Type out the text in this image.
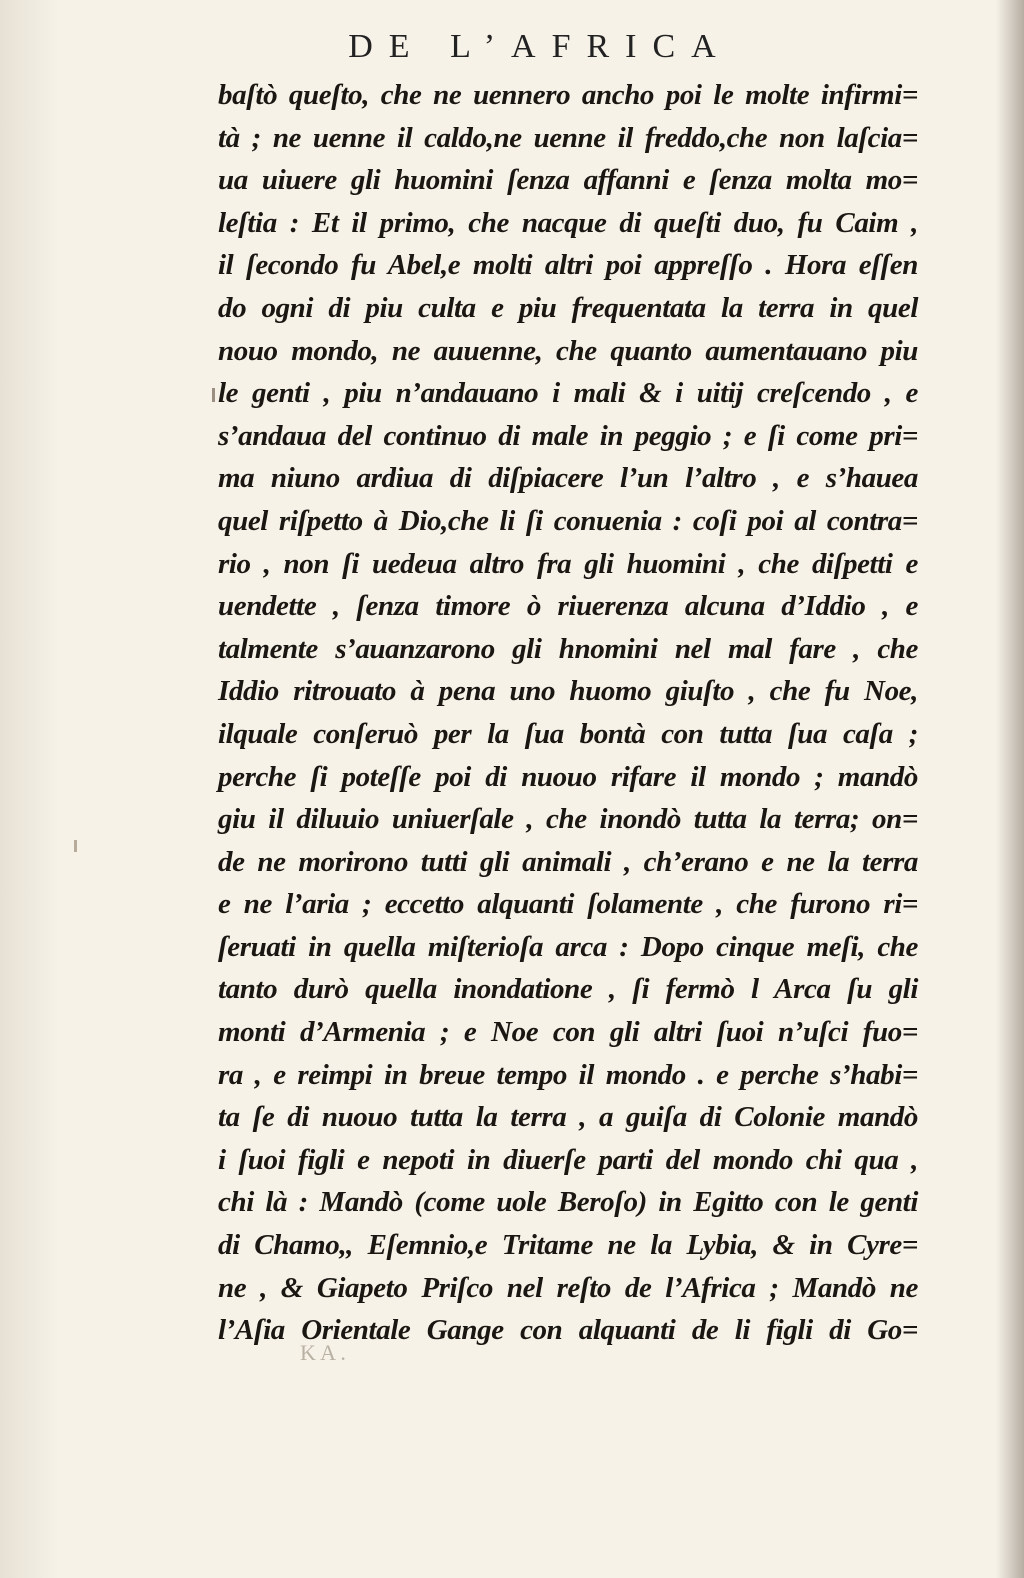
DE L’AFRICA
baſtò queſto, che ne uennero ancho poi le molte infirmi=
tà ; ne uenne il caldo,ne uenne il freddo,che non laſcia=
ua uiuere gli huomini ſenza affanni e ſenza molta mo=
leſtia : Et il primo, che nacque di queſti duo, fu Caim ,
il ſecondo fu Abel,e molti altri poi appreſſo . Hora eſſen
do ogni di piu culta e piu frequentata la terra in quel
nouo mondo, ne auuenne, che quanto aumentauano piu
le genti , piu n’andauano i mali & i uitij creſcendo , e
s’andaua del continuo di male in peggio ; e ſi come pri=
ma niuno ardiua di diſpiacere l’un l’altro , e s’hauea
quel riſpetto à Dio,che li ſi conuenia : coſi poi al contra=
rio , non ſi uedeua altro fra gli huomini , che diſpetti e
uendette , ſenza timore ò riuerenza alcuna d’Iddio , e
talmente s’auanzarono gli hnomini nel mal fare , che
Iddio ritrouato à pena uno huomo giuſto , che fu Noe,
ilquale conſeruò per la ſua bontà con tutta ſua caſa ;
perche ſi poteſſe poi di nuouo rifare il mondo ; mandò
giu il diluuio uniuerſale , che inondò tutta la terra; on=
de ne morirono tutti gli animali , ch’erano e ne la terra
e ne l’aria ; eccetto alquanti ſolamente , che furono ri=
ſeruati in quella miſterioſa arca : Dopo cinque meſi, che
tanto durò quella inondatione , ſi fermò l Arca ſu gli
monti d’Armenia ; e Noe con gli altri ſuoi n’uſci fuo=
ra , e reimpi in breue tempo il mondo . e perche s’habi=
ta ſe di nuouo tutta la terra , a guiſa di Colonie mandò
i ſuoi figli e nepoti in diuerſe parti del mondo chi qua ,
chi là : Mandò (come uole Beroſo) in Egitto con le genti
di Chamo,, Eſemnio,e Tritame ne la Lybia, & in Cyre=
ne , & Giapeto Priſco nel reſto de l’Africa ; Mandò ne
l’Aſia Orientale Gange con alquanti de li figli di Go=
K A .
